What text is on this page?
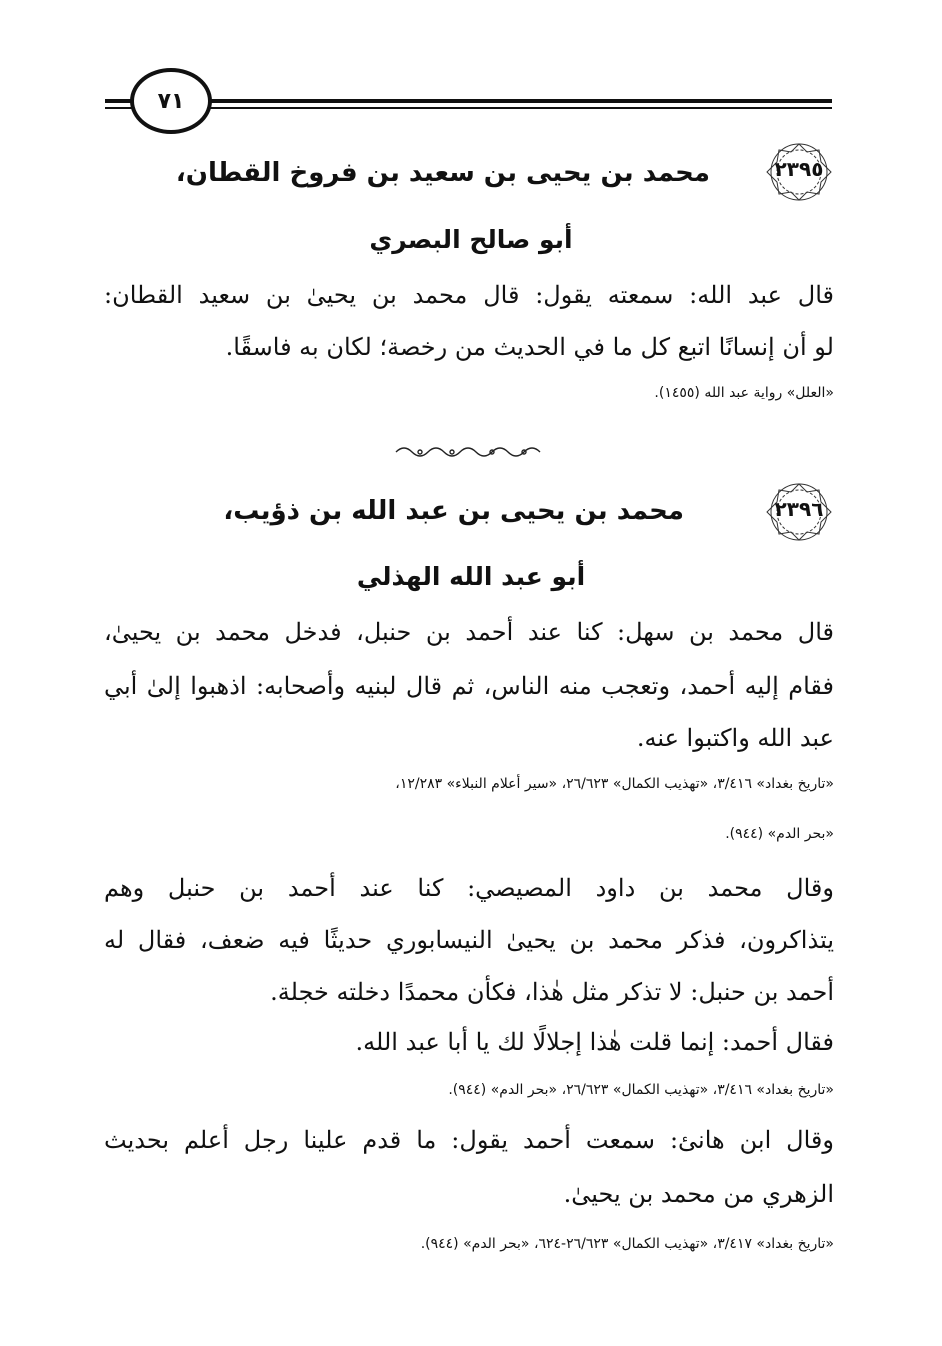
٧١
٢٣٩٥
محمد بن يحيى بن سعيد بن فروخ القطان،
أبو صالح البصري
قال عبد الله: سمعته يقول: قال محمد بن يحيىٰ بن سعيد القطان:
لو أن إنسانًا اتبع كل ما في الحديث من رخصة؛ لكان به فاسقًا.
«العلل» رواية عبد الله (١٤٥٥).
٢٣٩٦
محمد بن يحيى بن عبد الله بن ذؤيب،
أبو عبد الله الهذلي
قال محمد بن سهل: كنا عند أحمد بن حنبل، فدخل محمد بن يحيىٰ،
فقام إليه أحمد، وتعجب منه الناس، ثم قال لبنيه وأصحابه: اذهبوا إلىٰ أبي
عبد الله واكتبوا عنه.
«تاريخ بغداد» ٣/٤١٦، «تهذيب الكمال» ٢٦/٦٢٣، «سير أعلام النبلاء» ١٢/٢٨٣،
«بحر الدم» (٩٤٤).
وقال محمد بن داود المصيصي: كنا عند أحمد بن حنبل وهم
يتذاكرون، فذكر محمد بن يحيىٰ النيسابوري حديثًا فيه ضعف، فقال له
أحمد بن حنبل: لا تذكر مثل هٰذا، فكأن محمدًا دخلته خجلة.
فقال أحمد: إنما قلت هٰذا إجلالًا لك يا أبا عبد الله.
«تاريخ بغداد» ٣/٤١٦، «تهذيب الكمال» ٢٦/٦٢٣، «بحر الدم» (٩٤٤).
وقال ابن هانئ: سمعت أحمد يقول: ما قدم علينا رجل أعلم بحديث
الزهري من محمد بن يحيىٰ.
«تاريخ بغداد» ٣/٤١٧، «تهذيب الكمال» ٢٦/٦٢٣-٦٢٤، «بحر الدم» (٩٤٤).
